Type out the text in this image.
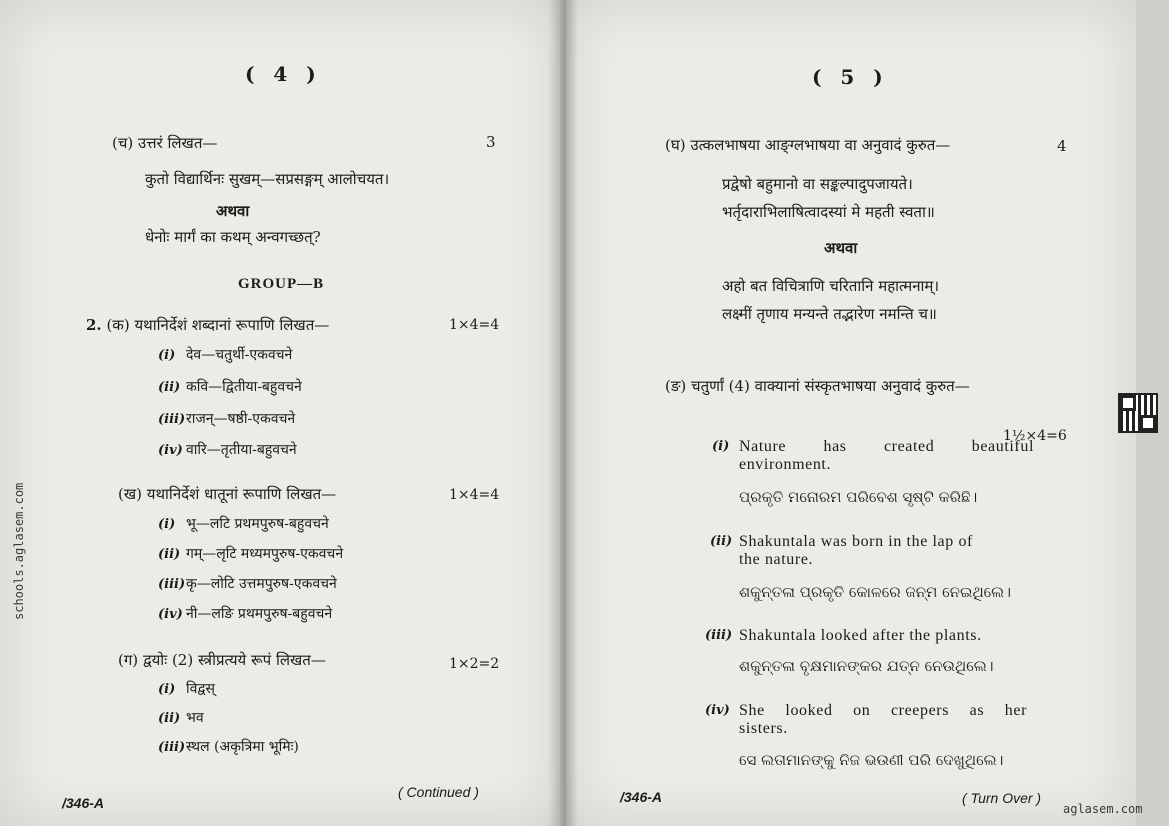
( 4 )
(च) उत्तरं लिखत—	3
कुतो विद्यार्थिनः सुखम्—सप्रसङ्गम् आलोचयत।
अथवा
धेनोः मार्गं का कथम् अन्वगच्छत्?
GROUP—B
2. (क) यथानिर्देशं शब्दानां रूपाणि लिखत—	1×4=4
(i) देव—चतुर्थी-एकवचने
(ii) कवि—द्वितीया-बहुवचने
(iii)राजन्—षष्ठी-एकवचने
(iv) वारि—तृतीया-बहुवचने
(ख) यथानिर्देशं धातूनां रूपाणि लिखत—	1×4=4
(i) भू—लटि प्रथमपुरुष-बहुवचने
(ii) गम्—लृटि मध्यमपुरुष-एकवचने
(iii)कृ—लोटि उत्तमपुरुष-एकवचने
(iv) नी—लङि प्रथमपुरुष-बहुवचने
(ग) द्वयोः (2) स्त्रीप्रत्यये रूपं लिखत—	1×2=2
(i) विद्वस्
(ii) भव
(iii)स्थल (अकृत्रिमा भूमिः)
/346-A
( Continued )
( 5 )
(घ) उत्कलभाषया आङ्ग्लभाषया वा अनुवादं कुरुत—	4
प्रद्वेषो बहुमानो वा सङ्कल्पादुपजायते।
भर्तृदाराभिलाषित्वादस्यां मे महती स्वता॥
अथवा
अहो बत विचित्राणि चरितानि महात्मनाम्।
लक्ष्मीं तृणाय मन्यन्ते तद्भारेण नमन्ति च॥
(ङ) चतुर्णां (4) वाक्यानां संस्कृतभाषया अनुवादं कुरुत—
1½×4=6
(i) Nature has created beautiful
environment.
ପ୍ରକୃତି ମନୋରମ ପରିବେଶ ସୃଷ୍ଟି କରିଛି।
(ii) Shakuntala was born in the lap of
the nature.
ଶକୁନ୍ତଳା ପ୍ରକୃତି କୋଳରେ ଜନ୍ମ ନେଇଥିଲେ।
(iii) Shakuntala looked after the plants.
ଶକୁନ୍ତଳା ବୃକ୍ଷମାନଙ୍କର ଯତ୍ନ ନେଉଥିଲେ।
(iv) She looked on creepers as her
sisters.
ସେ ଲତାମାନଙ୍କୁ ନିଜ ଭଉଣୀ ପରି ଦେଖୁଥିଲେ।
/346-A	( Turn Over )
schools.aglasem.com
aglasem.com
